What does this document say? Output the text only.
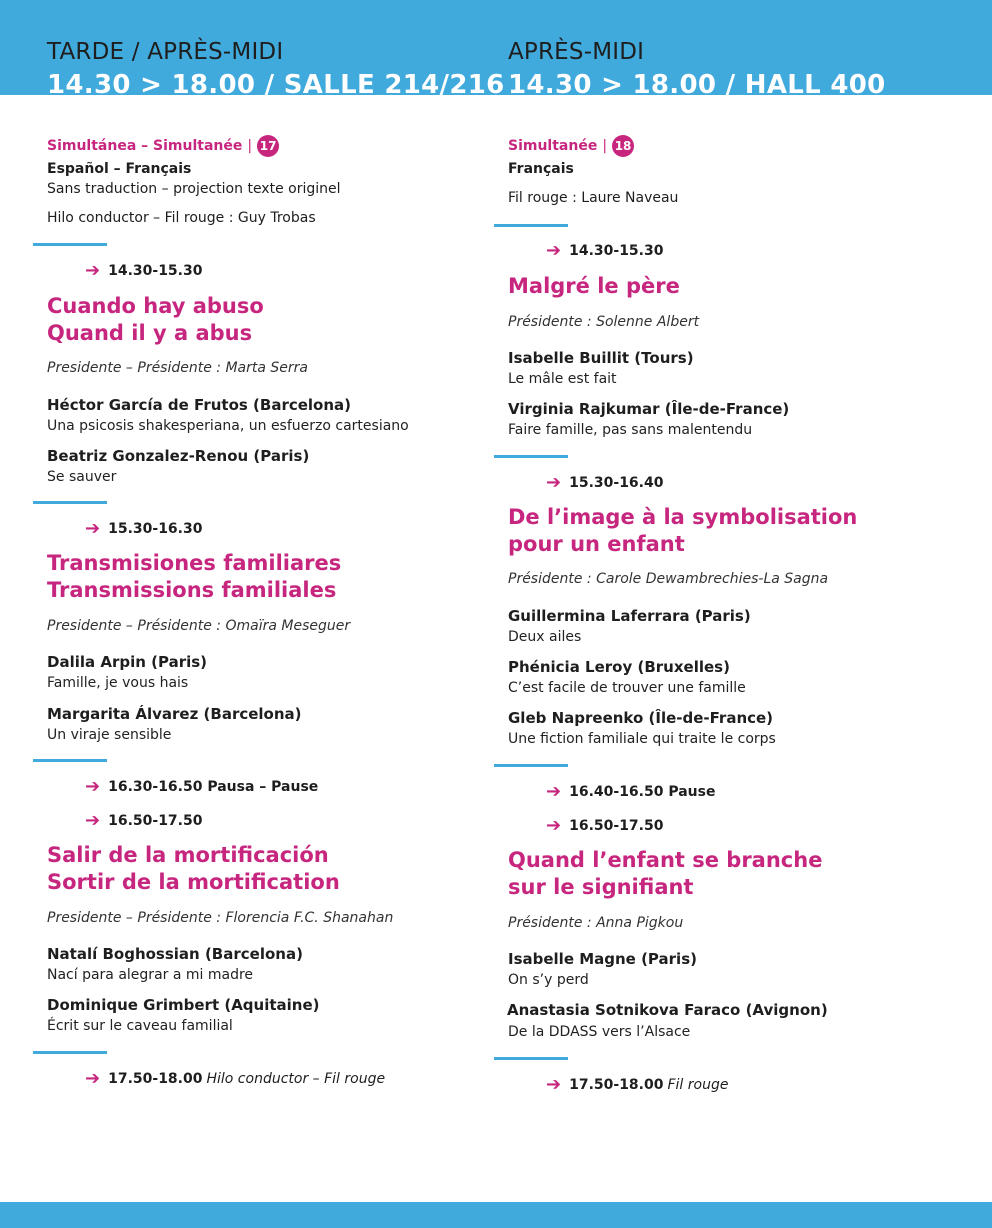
TARDE / APRÈS-MIDI
14.30 > 18.00 / SALLE 214/216
Simultánea – Simultanée | 17
Español – Français
Sans traduction – projection texte originel
Hilo conductor – Fil rouge : Guy Trobas
➔ 14.30-15.30
Cuando hay abuso
Quand il y a abus
Presidente – Présidente : Marta Serra
Héctor García de Frutos (Barcelona)
Una psicosis shakesperiana, un esfuerzo cartesiano
Beatriz Gonzalez-Renou (Paris)
Se sauver
➔ 15.30-16.30
Transmisiones familiares
Transmissions familiales
Presidente – Présidente : Omaïra Meseguer
Dalila Arpin (Paris)
Famille, je vous hais
Margarita Álvarez (Barcelona)
Un viraje sensible
➔ 16.30-16.50 Pausa – Pause
➔ 16.50-17.50
Salir de la mortificación
Sortir de la mortification
Presidente – Présidente : Florencia F.C. Shanahan
Natalí Boghossian (Barcelona)
Nací para alegrar a mi madre
Dominique Grimbert (Aquitaine)
Écrit sur le caveau familial
➔ 17.50-18.00 Hilo conductor – Fil rouge
APRÈS-MIDI
14.30 > 18.00 / HALL 400
Simultanée | 18
Français
Fil rouge : Laure Naveau
➔ 14.30-15.30
Malgré le père
Présidente : Solenne Albert
Isabelle Buillit (Tours)
Le mâle est fait
Virginia Rajkumar (Île-de-France)
Faire famille, pas sans malentendu
➔ 15.30-16.40
De l’image à la symbolisation
pour un enfant
Présidente : Carole Dewambrechies-La Sagna
Guillermina Laferrara (Paris)
Deux ailes
Phénicia Leroy (Bruxelles)
C’est facile de trouver une famille
Gleb Napreenko (Île-de-France)
Une fiction familiale qui traite le corps
➔ 16.40-16.50 Pause
➔ 16.50-17.50
Quand l’enfant se branche
sur le signifiant
Présidente : Anna Pigkou
Isabelle Magne (Paris)
On s’y perd
Anastasia Sotnikova Faraco (Avignon)
De la DDASS vers l’Alsace
➔ 17.50-18.00 Fil rouge
